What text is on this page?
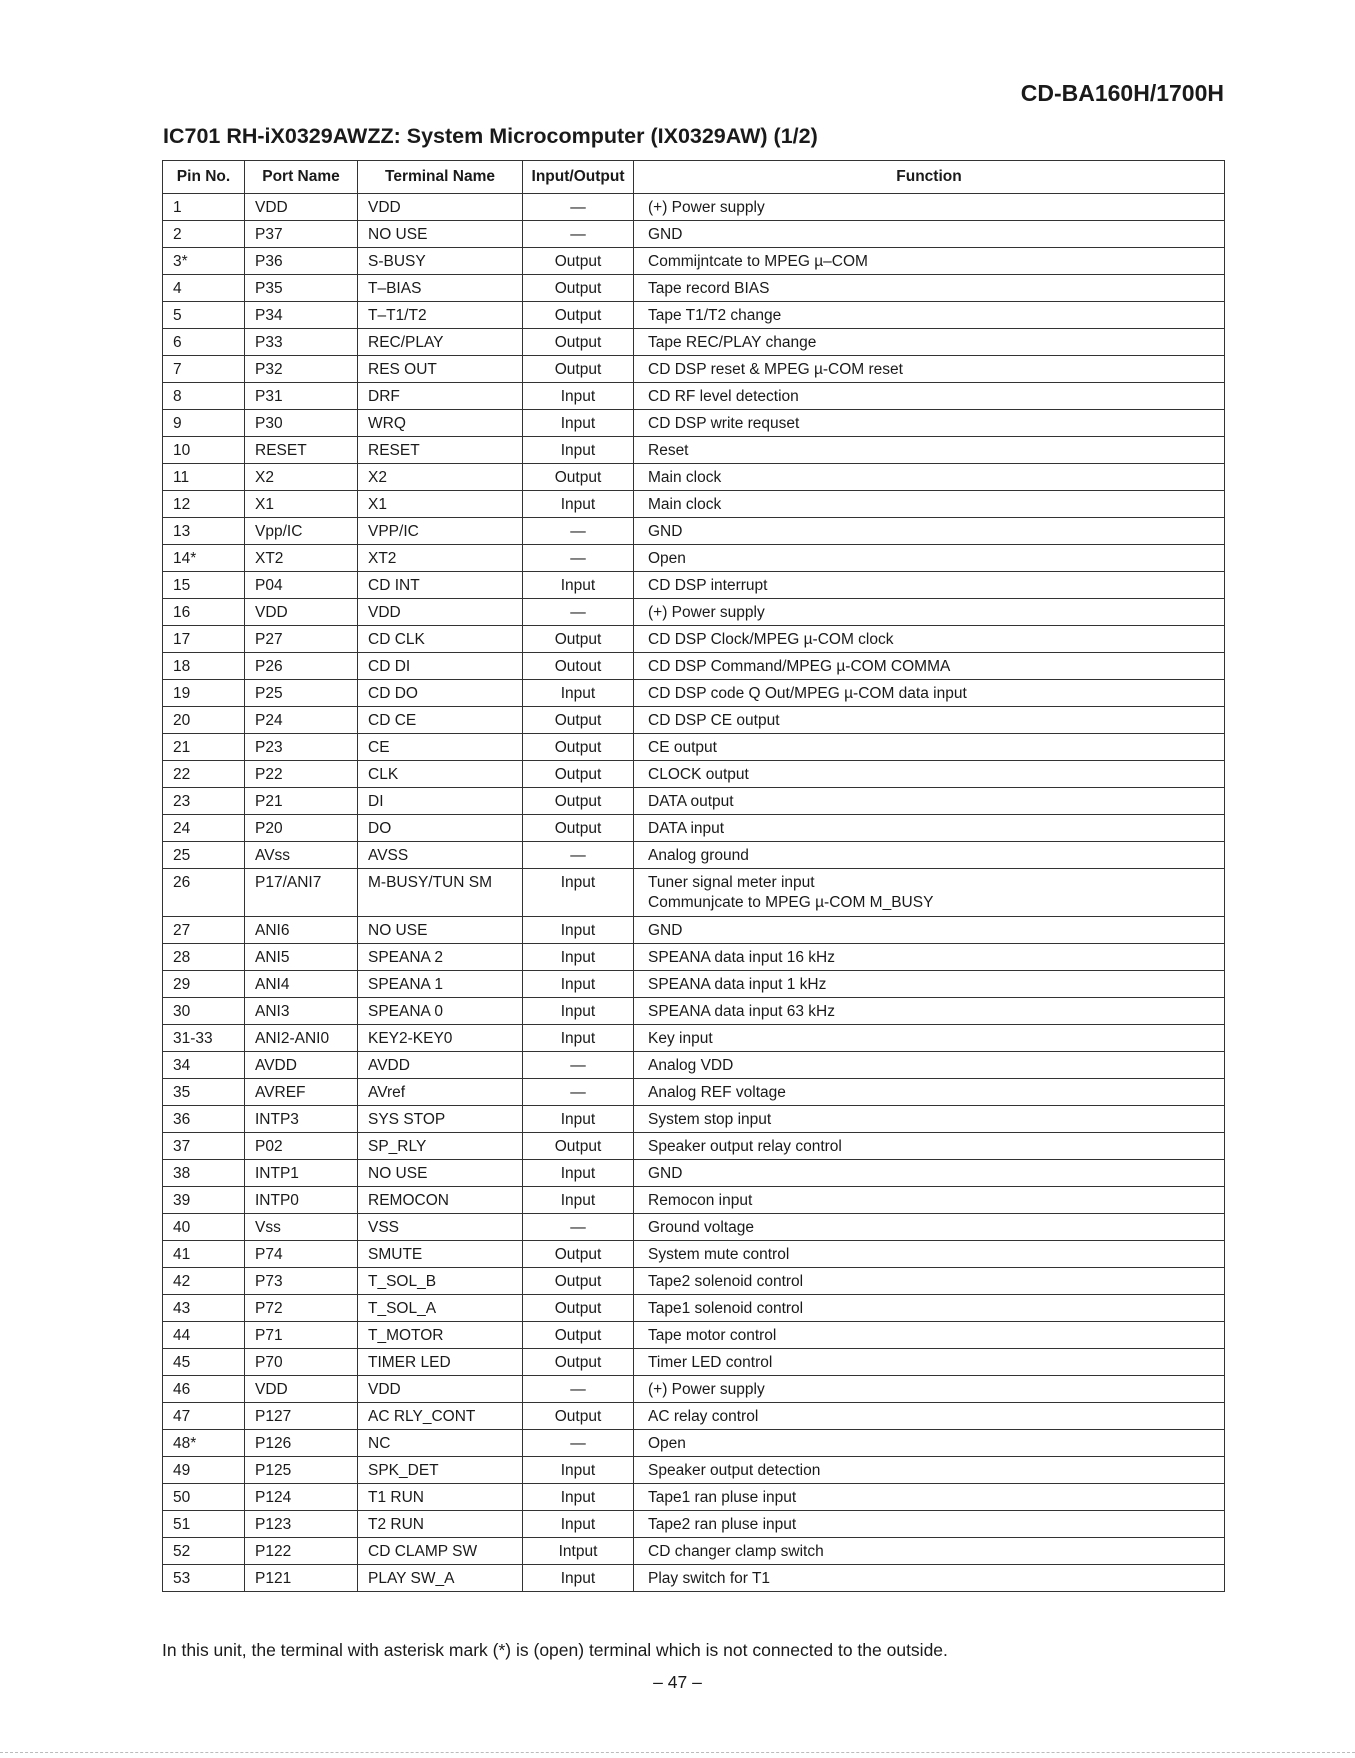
CD-BA160H/1700H
IC701 RH-iX0329AWZZ: System Microcomputer (IX0329AW) (1/2)
Pin No.	Port Name	Terminal Name	Input/Output	Function
1	VDD	VDD	—	(+) Power supply

2	P37	NO USE	—	GND

3*	P36	S-BUSY	Output	Commijntcate to MPEG µ–COM

4	P35	T–BIAS	Output	Tape record BIAS

5	P34	T–T1/T2	Output	Tape T1/T2 change

6	P33	REC/PLAY	Output	Tape REC/PLAY change

7	P32	RES OUT	Output	CD DSP reset & MPEG µ-COM reset

8	P31	DRF	Input	CD RF level detection

9	P30	WRQ	Input	CD DSP write requset

10	RESET	RESET	Input	Reset

11	X2	X2	Output	Main clock

12	X1	X1	Input	Main clock

13	Vpp/IC	VPP/IC	—	GND

14*	XT2	XT2	—	Open

15	P04	CD INT	Input	CD DSP interrupt

16	VDD	VDD	—	(+) Power supply

17	P27	CD CLK	Output	CD DSP Clock/MPEG µ-COM clock

18	P26	CD DI	Outout	CD DSP Command/MPEG µ-COM COMMA

19	P25	CD DO	Input	CD DSP code Q Out/MPEG µ-COM data input

20	P24	CD CE	Output	CD DSP CE output

21	P23	CE	Output	CE output

22	P22	CLK	Output	CLOCK output

23	P21	DI	Output	DATA output

24	P20	DO	Output	DATA input

25	AVss	AVSS	—	Analog ground

26	P17/ANI7	M-BUSY/TUN SM	Input	Tuner signal meter input
Communjcate to MPEG µ-COM M_BUSY

27	ANI6	NO USE	Input	GND

28	ANI5	SPEANA 2	Input	SPEANA data input 16 kHz

29	ANI4	SPEANA 1	Input	SPEANA data input 1 kHz

30	ANI3	SPEANA 0	Input	SPEANA data input 63 kHz

31-33	ANI2-ANI0	KEY2-KEY0	Input	Key input

34	AVDD	AVDD	—	Analog VDD

35	AVREF	AVref	—	Analog REF voltage

36	INTP3	SYS STOP	Input	System stop input

37	P02	SP_RLY	Output	Speaker output relay control

38	INTP1	NO USE	Input	GND

39	INTP0	REMOCON	Input	Remocon input

40	Vss	VSS	—	Ground voltage

41	P74	SMUTE	Output	System mute control

42	P73	T_SOL_B	Output	Tape2 solenoid control

43	P72	T_SOL_A	Output	Tape1 solenoid control

44	P71	T_MOTOR	Output	Tape motor control

45	P70	TIMER LED	Output	Timer LED control

46	VDD	VDD	—	(+) Power supply

47	P127	AC RLY_CONT	Output	AC relay control

48*	P126	NC	—	Open

49	P125	SPK_DET	Input	Speaker output detection

50	P124	T1 RUN	Input	Tape1 ran pluse input

51	P123	T2 RUN	Input	Tape2 ran pluse input

52	P122	CD CLAMP SW	Intput	CD changer clamp switch

53	P121	PLAY SW_A	Input	Play switch for T1
In this unit, the terminal with asterisk mark (*) is (open) terminal which is not connected to the outside.
– 47 –
